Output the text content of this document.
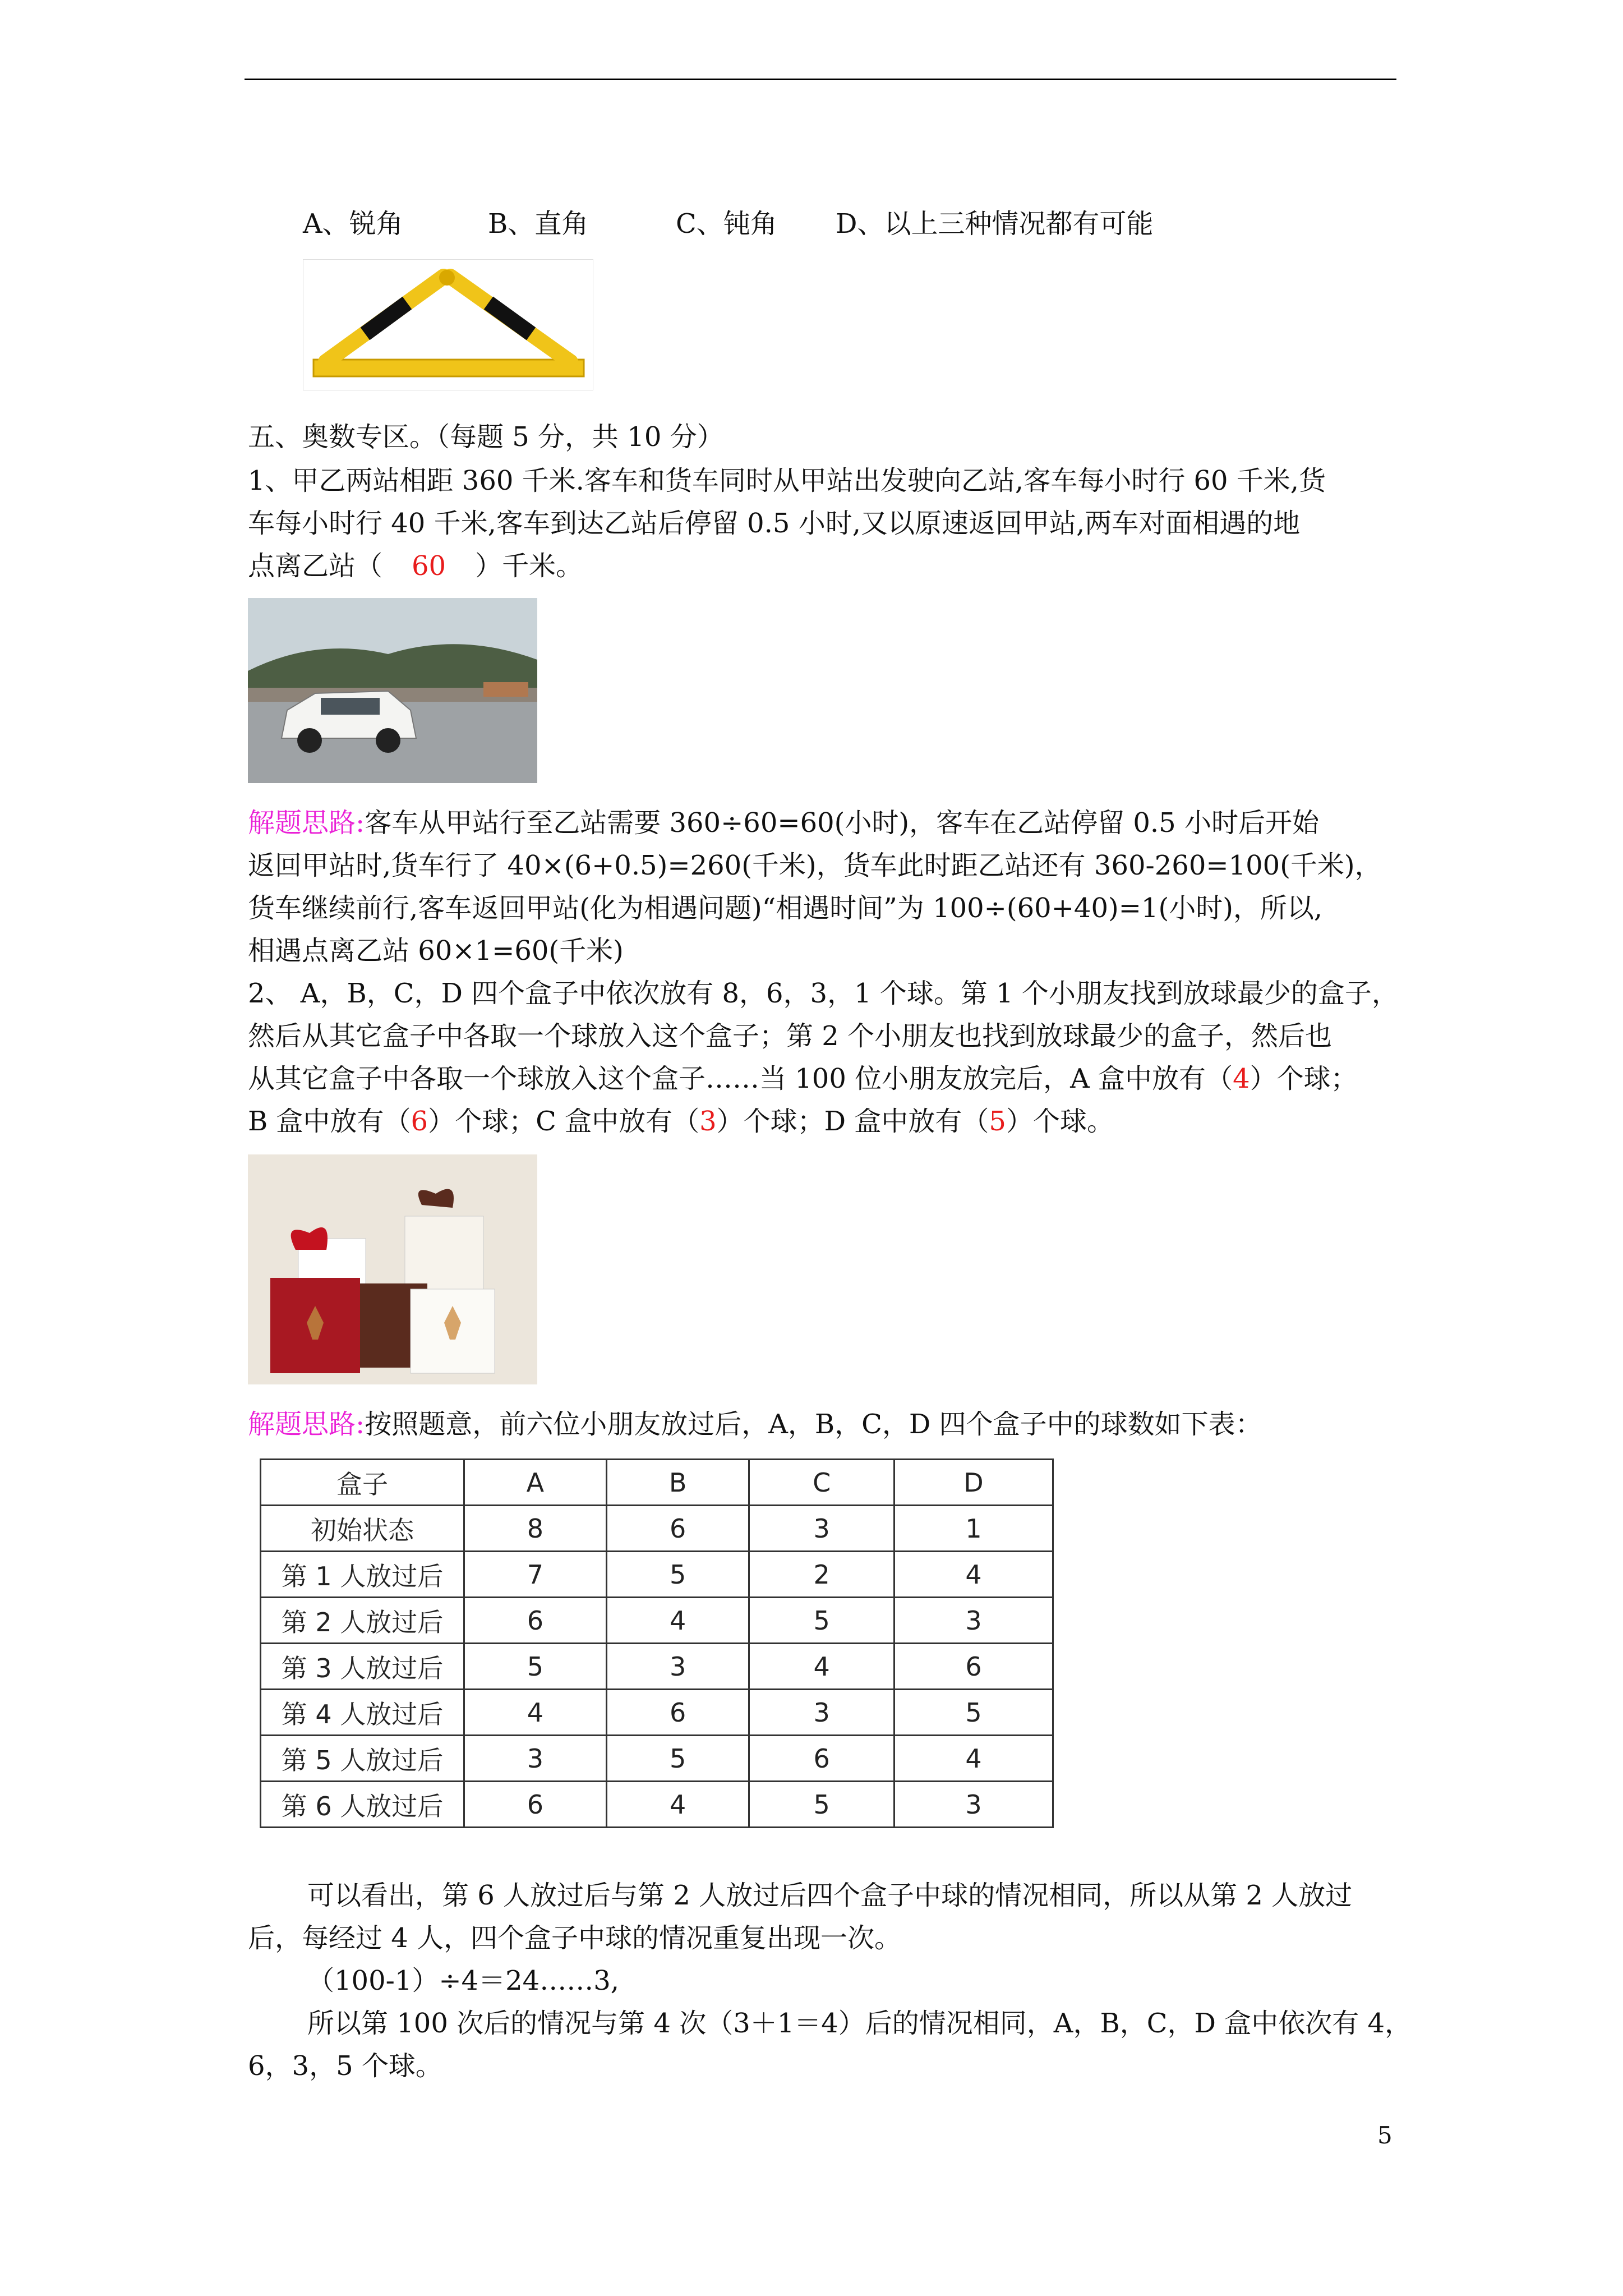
A、锐角	B、直角	C、钝角 D、以上三种情况都有可能
五、奥数专区。（每题 5 分，共 10 分）
1、甲乙两站相距 360 千米.客车和货车同时从甲站出发驶向乙站,客车每小时行 60 千米,货
车每小时行 40 千米,客车到达乙站后停留 0.5 小时,又以原速返回甲站,两车对面相遇的地
点离乙站（ 60 ）千米。
解题思路:客车从甲站行至乙站需要 360÷60=60(小时)，客车在乙站停留 0.5 小时后开始
返回甲站时,货车行了 40×(6+0.5)=260(千米)，货车此时距乙站还有 360-260=100(千米)，
货车继续前行,客车返回甲站(化为相遇问题)“相遇时间”为 100÷(60+40)=1(小时)，所以,
相遇点离乙站 60×1=60(千米)
2、 A，B，C，D 四个盒子中依次放有 8，6，3，1 个球。第 1 个小朋友找到放球最少的盒子，
然后从其它盒子中各取一个球放入这个盒子；第 2 个小朋友也找到放球最少的盒子，然后也
从其它盒子中各取一个球放入这个盒子……当 100 位小朋友放完后，A 盒中放有（4）个球；
B 盒中放有（6）个球；C 盒中放有（3）个球；D 盒中放有（5）个球。
解题思路:按照题意，前六位小朋友放过后，A，B，C，D 四个盒子中的球数如下表：
盒子	A	B	C	D
初始状态	8	6	3	1
第 1 人放过后	7	5	2	4
第 2 人放过后	6	4	5	3
第 3 人放过后	5	3	4	6
第 4 人放过后	4	6	3	5
第 5 人放过后	3	5	6	4
第 6 人放过后	6	4	5	3
可以看出，第 6 人放过后与第 2 人放过后四个盒子中球的情况相同，所以从第 2 人放过
后，每经过 4 人，四个盒子中球的情况重复出现一次。
（100-1）÷4＝24……3,
所以第 100 次后的情况与第 4 次（3＋1＝4）后的情况相同，A，B，C，D 盒中依次有 4，
6，3，5 个球。
5
